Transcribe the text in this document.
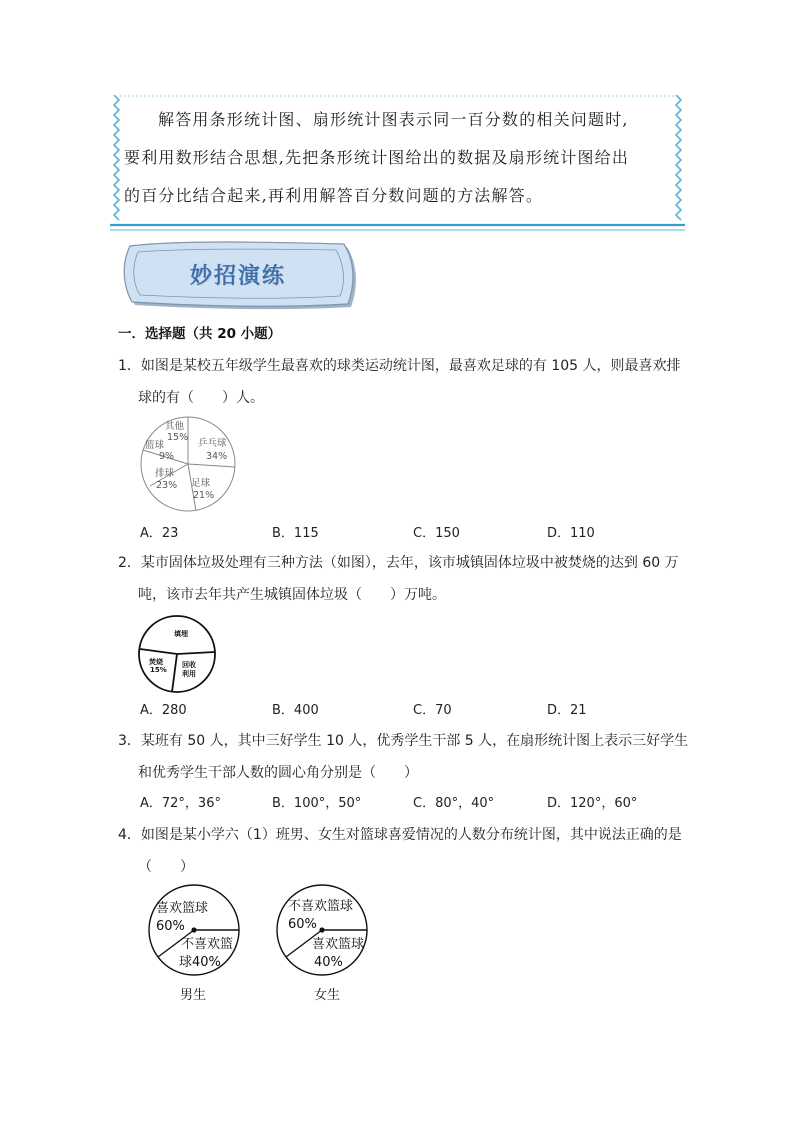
解答用条形统计图、扇形统计图表示同一百分数的相关问题时,
要利用数形结合思想,先把条形统计图给出的数据及扇形统计图给出
的百分比结合起来,再利用解答百分数问题的方法解答。
妙招演练
一．选择题（共 20 小题）
1．如图是某校五年级学生最喜欢的球类运动统计图，最喜欢足球的有 105 人，则最喜欢排
球的有（　　）人。
乒乓球
34%
足球
21%
排球
23%
篮球
9%
其他
15%
A．23	B．115	C．150	D．110
2．某市固体垃圾处理有三种方法（如图），去年，该市城镇固体垃圾中被焚烧的达到 60 万
吨，该市去年共产生城镇固体垃圾（　　）万吨。
填埋
焚烧
15%
回收
利用
A．280	B．400	C．70	D．21
3．某班有 50 人，其中三好学生 10 人，优秀学生干部 5 人，在扇形统计图上表示三好学生
和优秀学生干部人数的圆心角分别是（　　）
A．72°，36°	B．100°，50°	C．80°，40°	D．120°，60°
4．如图是某小学六（1）班男、女生对篮球喜爱情况的人数分布统计图，其中说法正确的是
（　　）
喜欢篮球
60%
不喜欢篮
球40%
男生
不喜欢篮球
60%
喜欢篮球
40%
女生
